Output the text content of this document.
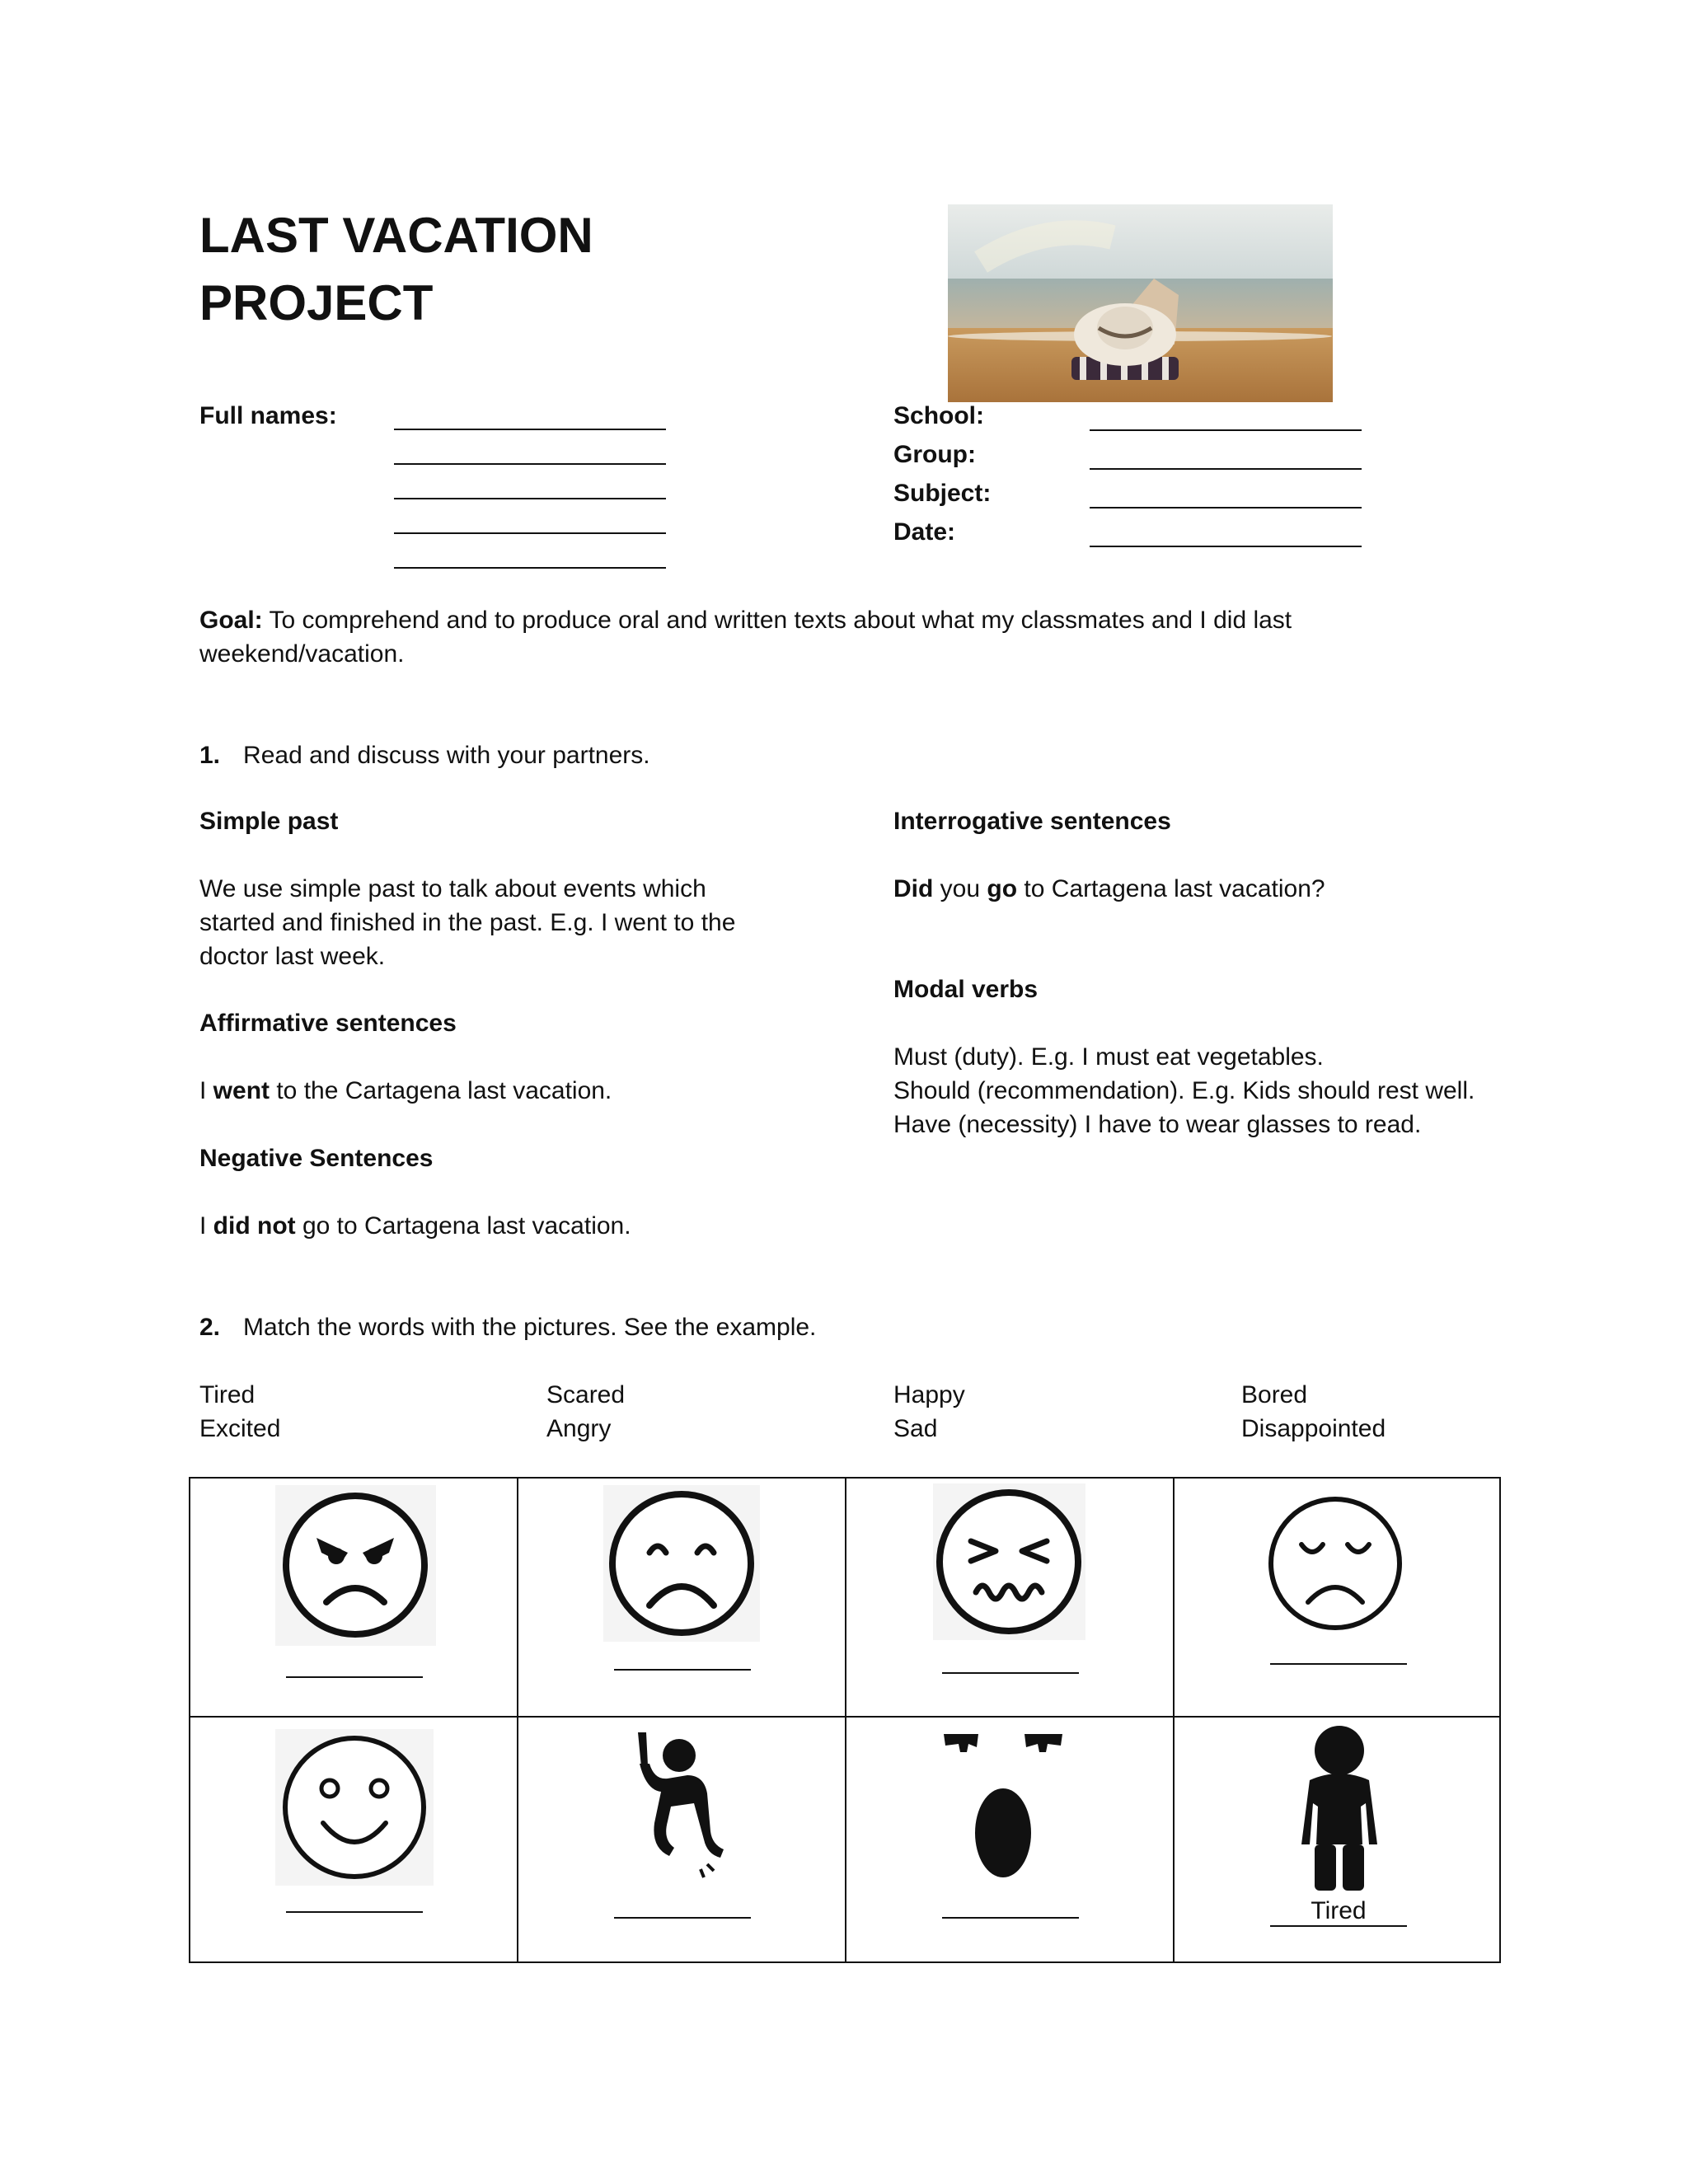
LAST VACATION
PROJECT
Full names:	School:
Group:
Subject:
Date:
Goal: To comprehend and to produce oral and written texts about what my classmates and I did last
weekend/vacation.
1. Read and discuss with your partners.
Simple past
We use simple past to talk about events which
started and finished in the past. E.g. I went to the
doctor last week.
Affirmative sentences
I went to the Cartagena last vacation.
Negative Sentences
I did not go to Cartagena last vacation.
Interrogative sentences
Did you go to Cartagena last vacation?
Modal verbs
Must (duty). E.g. I must eat vegetables.
Should (recommendation). E.g. Kids should rest well.
Have (necessity) I have to wear glasses to read.
2. Match the words with the pictures. See the example.
Tired
Excited
Scared
Angry
Happy
Sad
Bored
Disappointed
Tired
